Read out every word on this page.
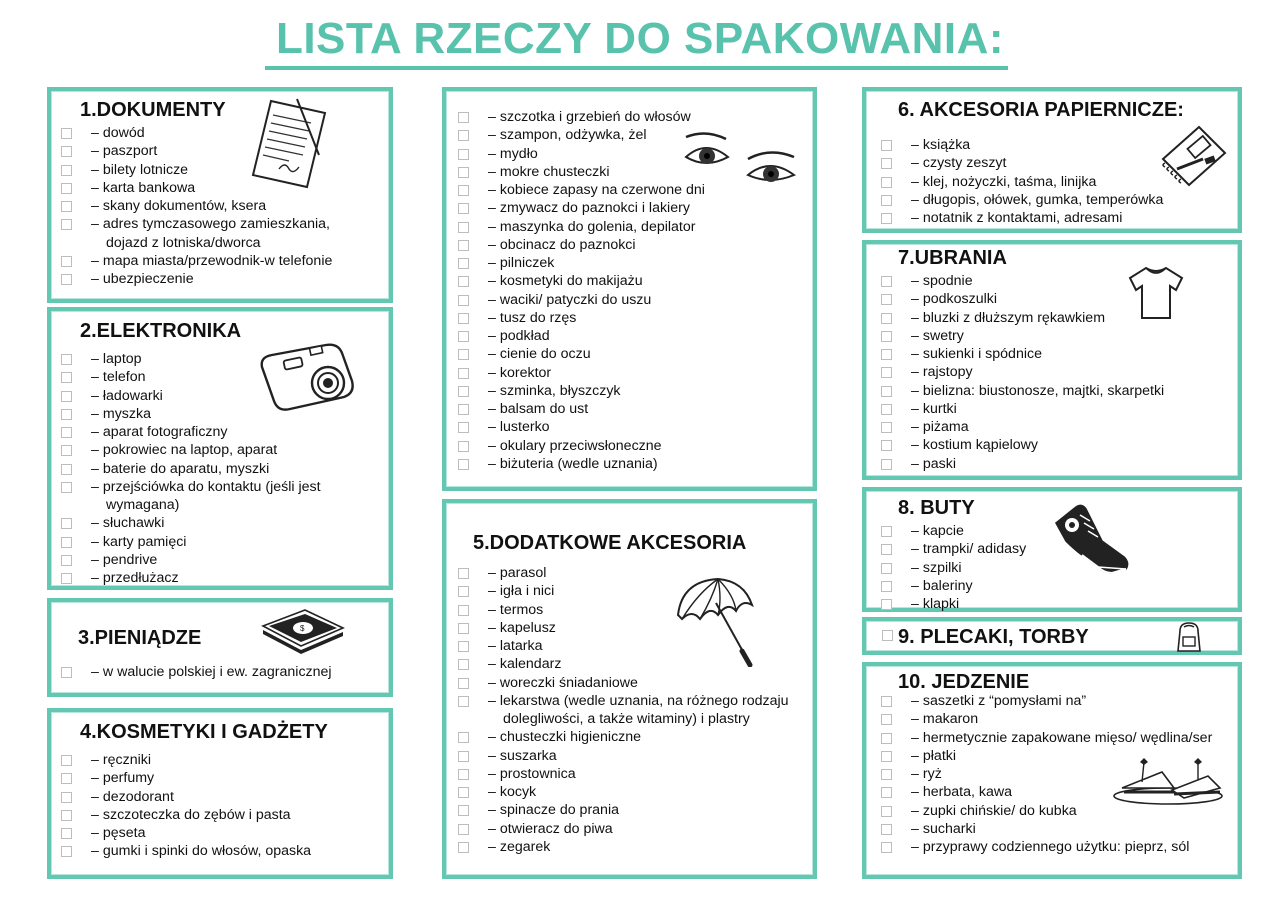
LISTA RZECZY DO SPAKOWANIA:
1.DOKUMENTY
– dowód
– paszport
– bilety lotnicze
– karta bankowa
– skany dokumentów, ksera
– adres tymczasowego zamieszkania,
dojazd z lotniska/dworca
– mapa miasta/przewodnik-w telefonie
– ubezpieczenie
2.ELEKTRONIKA
– laptop
– telefon
– ładowarki
– myszka
– aparat fotograficzny
– pokrowiec na laptop, aparat
– baterie do aparatu, myszki
– przejściówka do kontaktu (jeśli jest
wymagana)
– słuchawki
– karty pamięci
– pendrive
– przedłużacz
3.PIENIĄDZE
– w walucie polskiej i ew. zagranicznej
$
4.KOSMETYKI I GADŻETY
– ręczniki
– perfumy
– dezodorant
– szczoteczka do zębów i pasta
– pęseta
– gumki i spinki do włosów, opaska
– szczotka i grzebień do włosów
– szampon, odżywka, żel
– mydło
– mokre chusteczki
– kobiece zapasy na czerwone dni
– zmywacz do paznokci i lakiery
– maszynka do golenia, depilator
– obcinacz do paznokci
– pilniczek
– kosmetyki do makijażu
– waciki/ patyczki do uszu
– tusz do rzęs
– podkład
– cienie do oczu
– korektor
– szminka, błyszczyk
– balsam do ust
– lusterko
– okulary przeciwsłoneczne
– biżuteria (wedle uznania)
5.DODATKOWE AKCESORIA
– parasol
– igła i nici
– termos
– kapelusz
– latarka
– kalendarz
– woreczki śniadaniowe
– lekarstwa (wedle uznania, na różnego rodzaju
dolegliwości, a także witaminy) i plastry
– chusteczki higieniczne
– suszarka
– prostownica
– kocyk
– spinacze do prania
– otwieracz do piwa
– zegarek
6. AKCESORIA PAPIERNICZE:
– książka
– czysty zeszyt
– klej, nożyczki, taśma, linijka
– długopis, ołówek, gumka, temperówka
– notatnik z kontaktami, adresami
7.UBRANIA
– spodnie
– podkoszulki
– bluzki z dłuższym rękawkiem
– swetry
– sukienki i spódnice
– rajstopy
– bielizna: biustonosze, majtki, skarpetki
– kurtki
– piżama
– kostium kąpielowy
– paski
8. BUTY
– kapcie
– trampki/ adidasy
– szpilki
– baleriny
– klapki
9. PLECAKI, TORBY
10. JEDZENIE
– saszetki z “pomysłami na”
– makaron
– hermetycznie zapakowane mięso/ wędlina/ser
– płatki
– ryż
– herbata, kawa
– zupki chińskie/ do kubka
– sucharki
– przyprawy codziennego użytku: pieprz, sól
